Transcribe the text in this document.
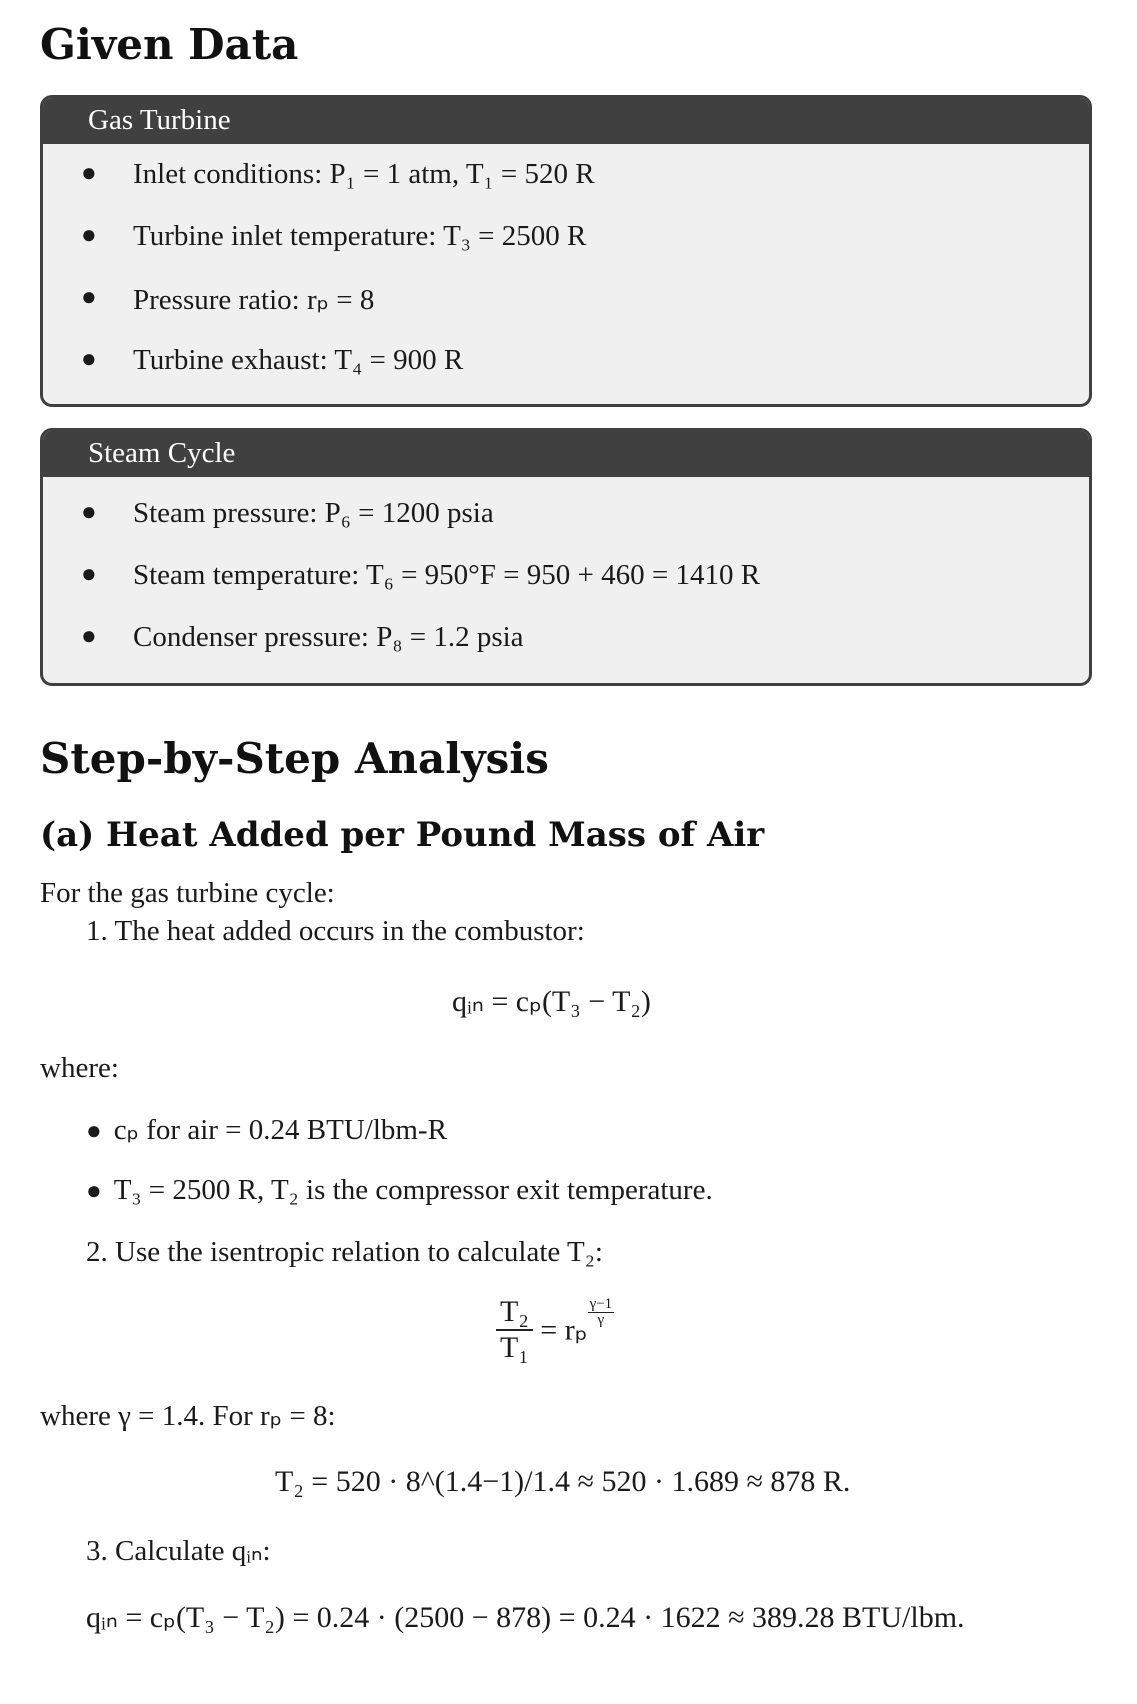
Given Data
Gas Turbine
● Inlet conditions: P₁ = 1 atm, T₁ = 520 R
● Turbine inlet temperature: T₃ = 2500 R
● Pressure ratio: rₚ = 8
● Turbine exhaust: T₄ = 900 R
Steam Cycle
● Steam pressure: P₆ = 1200 psia
● Steam temperature: T₆ = 950°F = 950 + 460 = 1410 R
● Condenser pressure: P₈ = 1.2 psia
Step-by-Step Analysis
(a) Heat Added per Pound Mass of Air
For the gas turbine cycle:
1. The heat added occurs in the combustor:
qᵢₙ = cₚ(T₃ − T₂)
where:
● cₚ for air = 0.24 BTU/lbm-R
● T₃ = 2500 R, T₂ is the compressor exit temperature.
2. Use the isentropic relation to calculate T₂:
$\frac{\text{T₂}}{\text{T₁}} = r_p$
$\frac{\gamma-1}{\gamma}$
where γ = 1.4. For rₚ = 8:
T₂ = 520 · 8^(1.4−1)/1.4 ≈ 520 · 1.689 ≈ 878 R.
3. Calculate qᵢₙ:
qᵢₙ = cₚ(T₃ − T₂) = 0.24 · (2500 − 878) = 0.24 · 1622 ≈ 389.28 BTU/lbm.
